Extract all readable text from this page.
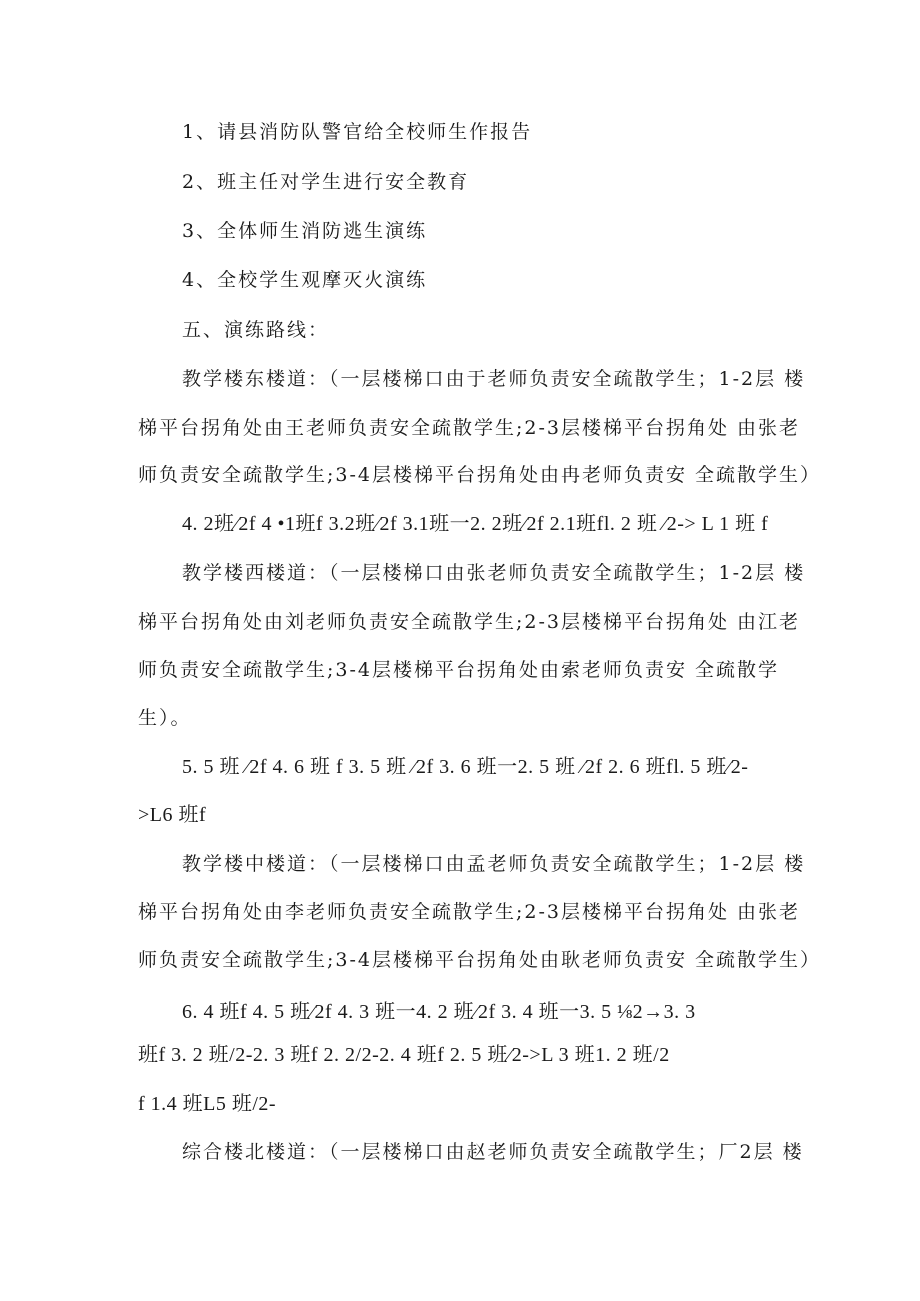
1、请县消防队警官给全校师生作报告
2、班主任对学生进行安全教育
3、全体师生消防逃生演练
4、全校学生观摩灭火演练
五、演练路线：
教学楼东楼道：（一层楼梯口由于老师负责安全疏散学生；1-2层 楼
梯平台拐角处由王老师负责安全疏散学生;2-3层楼梯平台拐角处 由张老
师负责安全疏散学生;3-4层楼梯平台拐角处由冉老师负责安 全疏散学生）
4. 2班⁄2f 4 •1班f 3.2班⁄2f 3.1班一2. 2班⁄2f 2.1班fl. 2 班 ⁄2-> L 1 班 f
教学楼西楼道：（一层楼梯口由张老师负责安全疏散学生；1-2层 楼
梯平台拐角处由刘老师负责安全疏散学生;2-3层楼梯平台拐角处 由江老
师负责安全疏散学生;3-4层楼梯平台拐角处由索老师负责安 全疏散学
生）。
5. 5 班 ⁄2f 4. 6 班 f 3. 5 班 ⁄2f 3. 6 班一2. 5 班 ⁄2f 2. 6 班fl. 5 班⁄2-
>L6 班f
教学楼中楼道：（一层楼梯口由孟老师负责安全疏散学生；1-2层 楼
梯平台拐角处由李老师负责安全疏散学生;2-3层楼梯平台拐角处 由张老
师负责安全疏散学生;3-4层楼梯平台拐角处由耿老师负责安 全疏散学生）
6. 4 班f 4. 5 班⁄2f 4. 3 班一4. 2 班⁄2f 3. 4 班一3. 5 ⅛2→3. 3
班f 3. 2 班/2-2. 3 班f 2. 2/2-2. 4 班f 2. 5 班⁄2->L 3 班1. 2 班/2
f 1.4 班L5 班/2-
综合楼北楼道：（一层楼梯口由赵老师负责安全疏散学生；厂2层 楼
